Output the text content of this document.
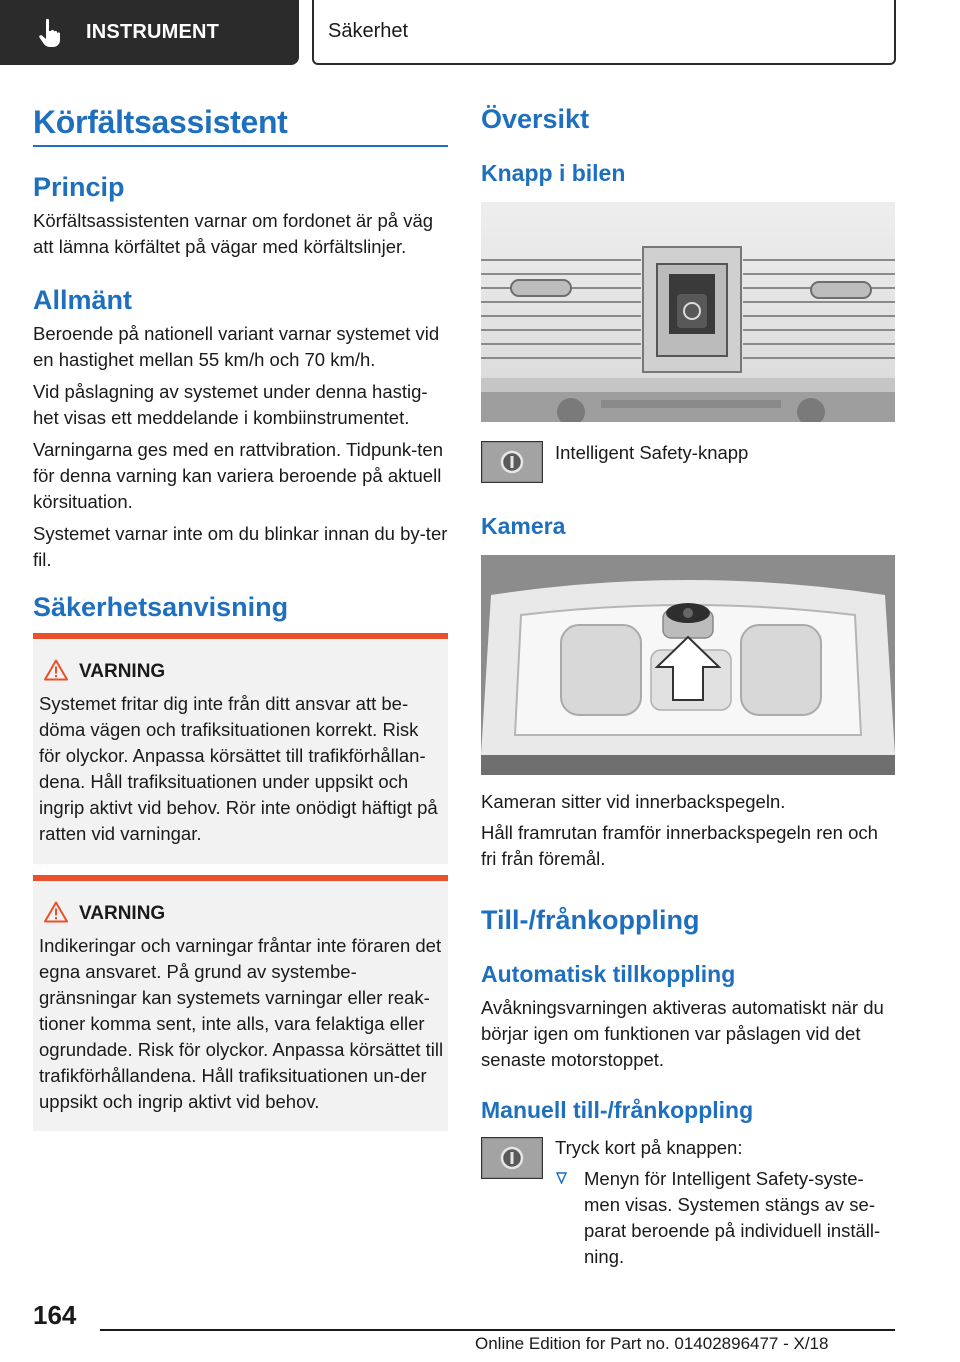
INSTRUMENT	Säkerhet
Körfältsassistent
Princip

Körfältsassistenten varnar om fordonet är på väg att lämna körfältet på vägar med körfältslinjer.

Allmänt

Beroende på nationell variant varnar systemet vid en hastighet mellan 55 km/h och 70 km/h.

Vid påslagning av systemet under denna hastig-het visas ett meddelande i kombiinstrumentet.

Varningarna ges med en rattvibration. Tidpunk-ten för denna varning kan variera beroende på aktuell körsituation.

Systemet varnar inte om du blinkar innan du by-ter fil.

Säkerhetsanvisning
VARNING
Systemet fritar dig inte från ditt ansvar att be-döma vägen och trafiksituationen korrekt. Risk för olyckor. Anpassa körsättet till trafikförhållan-dena. Håll trafiksituationen under uppsikt och ingrip aktivt vid behov. Rör inte onödigt häftigt på ratten vid varningar.
VARNING
Indikeringar och varningar fråntar inte föraren det egna ansvaret. På grund av systembe-gränsningar kan systemets varningar eller reak-tioner komma sent, inte alls, vara felaktiga eller ogrundade. Risk för olyckor. Anpassa körsättet till trafikförhållandena. Håll trafiksituationen un-der uppsikt och ingrip aktivt vid behov.
Översikt
Knapp i bilen

Intelligent Safety-knapp

Kamera

Kameran sitter vid innerbackspegeln.

Håll framrutan framför innerbackspegeln ren och fri från föremål.

Till-/frånkoppling
Automatisk tillkoppling

Avåkningsvarningen aktiveras automatiskt när du börjar igen om funktionen var påslagen vid det senaste motorstoppet.

Manuell till-/frånkoppling

Tryck kort på knappen:

Menyn för Intelligent Safety-syste-men visas. Systemen stängs av se-parat beroende på individuell inställ-ning.
164
Online Edition for Part no. 01402896477 - X/18
